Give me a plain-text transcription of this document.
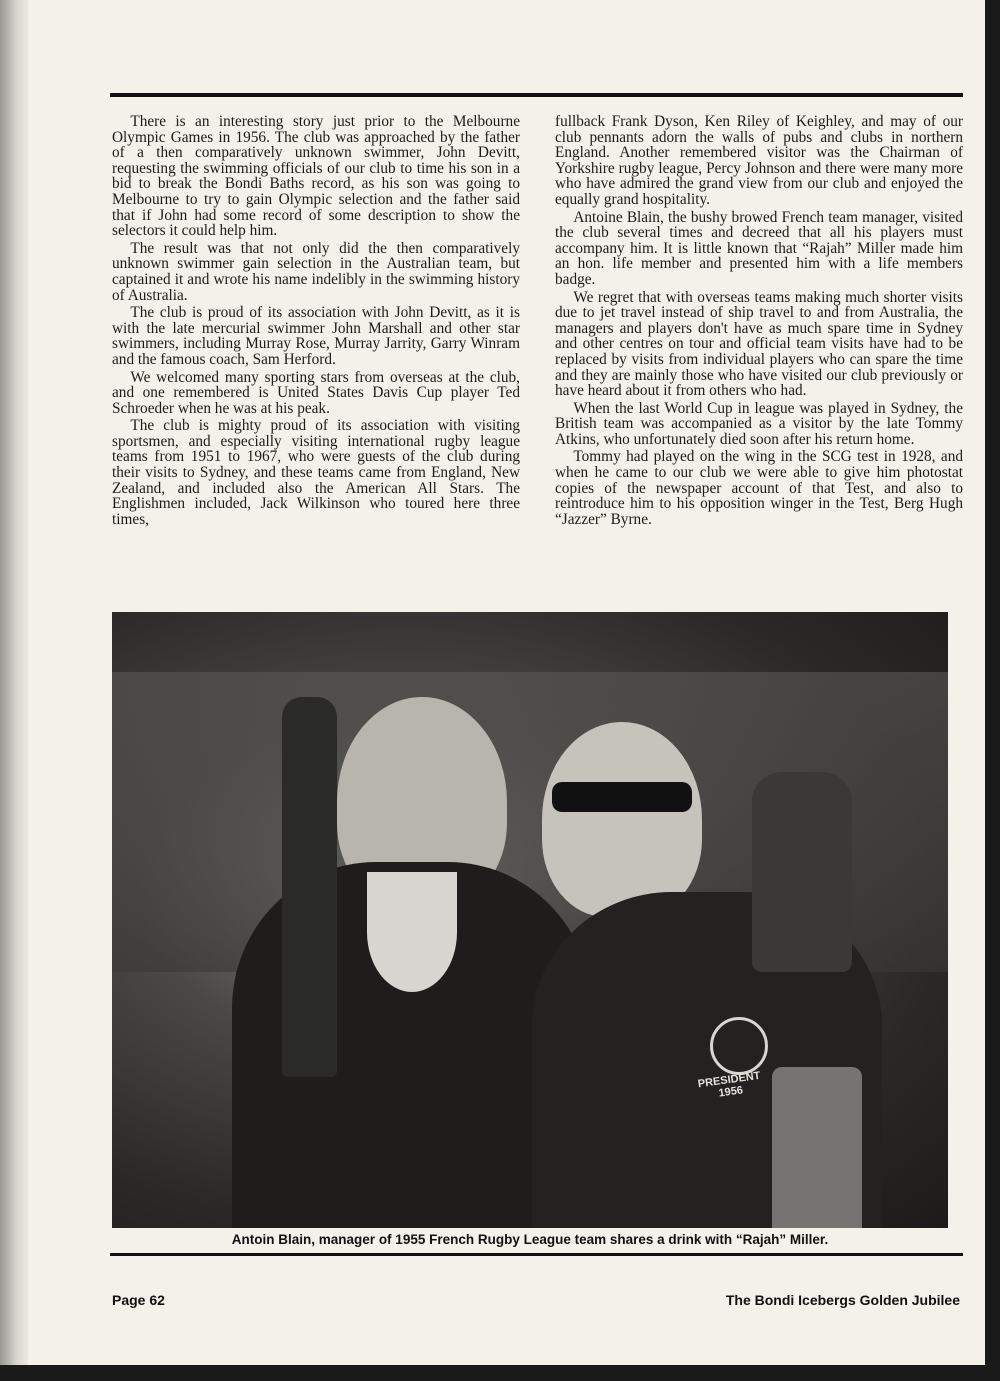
There is an interesting story just prior to the Melbourne Olympic Games in 1956. The club was approached by the father of a then comparatively unknown swimmer, John Devitt, requesting the swimming officials of our club to time his son in a bid to break the Bondi Baths record, as his son was going to Melbourne to try to gain Olympic selection and the father said that if John had some record of some description to show the selectors it could help him.

The result was that not only did the then comparatively unknown swimmer gain selection in the Australian team, but captained it and wrote his name indelibly in the swimming history of Australia.

The club is proud of its association with John Devitt, as it is with the late mercurial swimmer John Marshall and other star swimmers, including Murray Rose, Murray Jarrity, Garry Winram and the famous coach, Sam Herford.

We welcomed many sporting stars from overseas at the club, and one remembered is United States Davis Cup player Ted Schroeder when he was at his peak.

The club is mighty proud of its association with visiting sportsmen, and especially visiting international rugby league teams from 1951 to 1967, who were guests of the club during their visits to Sydney, and these teams came from England, New Zealand, and included also the American All Stars. The Englishmen included, Jack Wilkinson who toured here three times,

fullback Frank Dyson, Ken Riley of Keighley, and may of our club pennants adorn the walls of pubs and clubs in northern England. Another remembered visitor was the Chairman of Yorkshire rugby league, Percy Johnson and there were many more who have admired the grand view from our club and enjoyed the equally grand hospitality.

Antoine Blain, the bushy browed French team manager, visited the club several times and decreed that all his players must accompany him. It is little known that “Rajah” Miller made him an hon. life member and presented him with a life members badge.

We regret that with overseas teams making much shorter visits due to jet travel instead of ship travel to and from Australia, the managers and players don't have as much spare time in Sydney and other centres on tour and official team visits have had to be replaced by visits from individual players who can spare the time and they are mainly those who have visited our club previously or have heard about it from others who had.

When the last World Cup in league was played in Sydney, the British team was accompanied as a visitor by the late Tommy Atkins, who unfortunately died soon after his return home.

Tommy had played on the wing in the SCG test in 1928, and when he came to our club we were able to give him photostat copies of the newspaper account of that Test, and also to reintroduce him to his opposition winger in the Test, Berg Hugh “Jazzer” Byrne.

PRESIDENT 1956
Antoin Blain, manager of 1955 French Rugby League team shares a drink with “Rajah” Miller.
Page 62	The Bondi Icebergs Golden Jubilee
